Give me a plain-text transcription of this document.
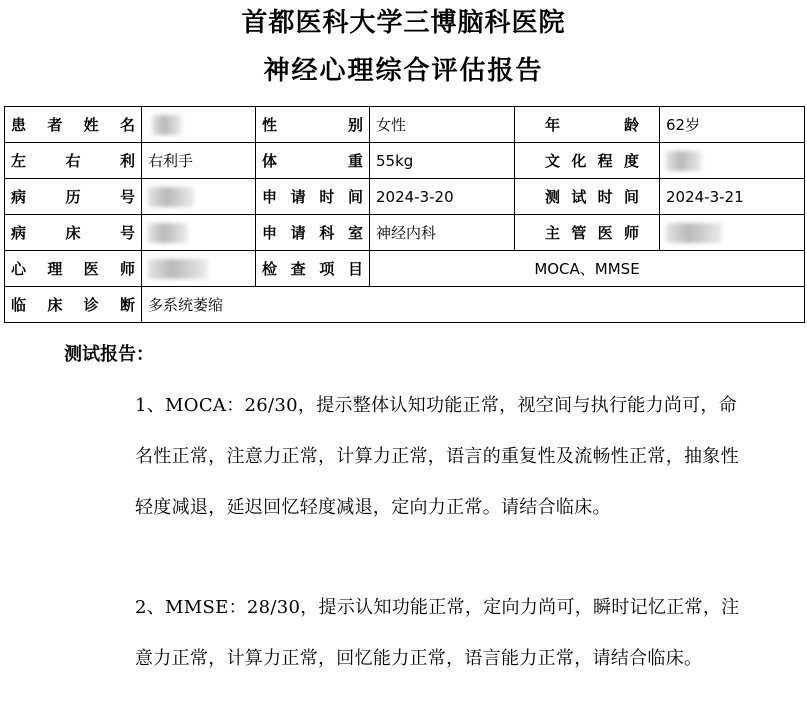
首都医科大学三博脑科医院
神经心理综合评估报告
患 者 姓 名		性 别	女性	年 龄	62岁

左 右 利	右利手	体 重	55kg	文 化 程 度	

病 历 号		申 请 时 间	2024-3-20	测 试 时 间	2024-3-21

病 床 号		申 请 科 室	神经内科	主 管 医 师	

心 理 医 师		检 查 项 目	MOCA、MMSE		

临 床 诊 断	多系统萎缩				
测试报告：
1、MOCA：26/30，提示整体认知功能正常，视空间与执行能力尚可，命名性正常，注意力正常，计算力正常，语言的重复性及流畅性正常，抽象性轻度减退，延迟回忆轻度减退，定向力正常。请结合临床。
2、MMSE：28/30，提示认知功能正常，定向力尚可，瞬时记忆正常，注意力正常，计算力正常，回忆能力正常，语言能力正常，请结合临床。
